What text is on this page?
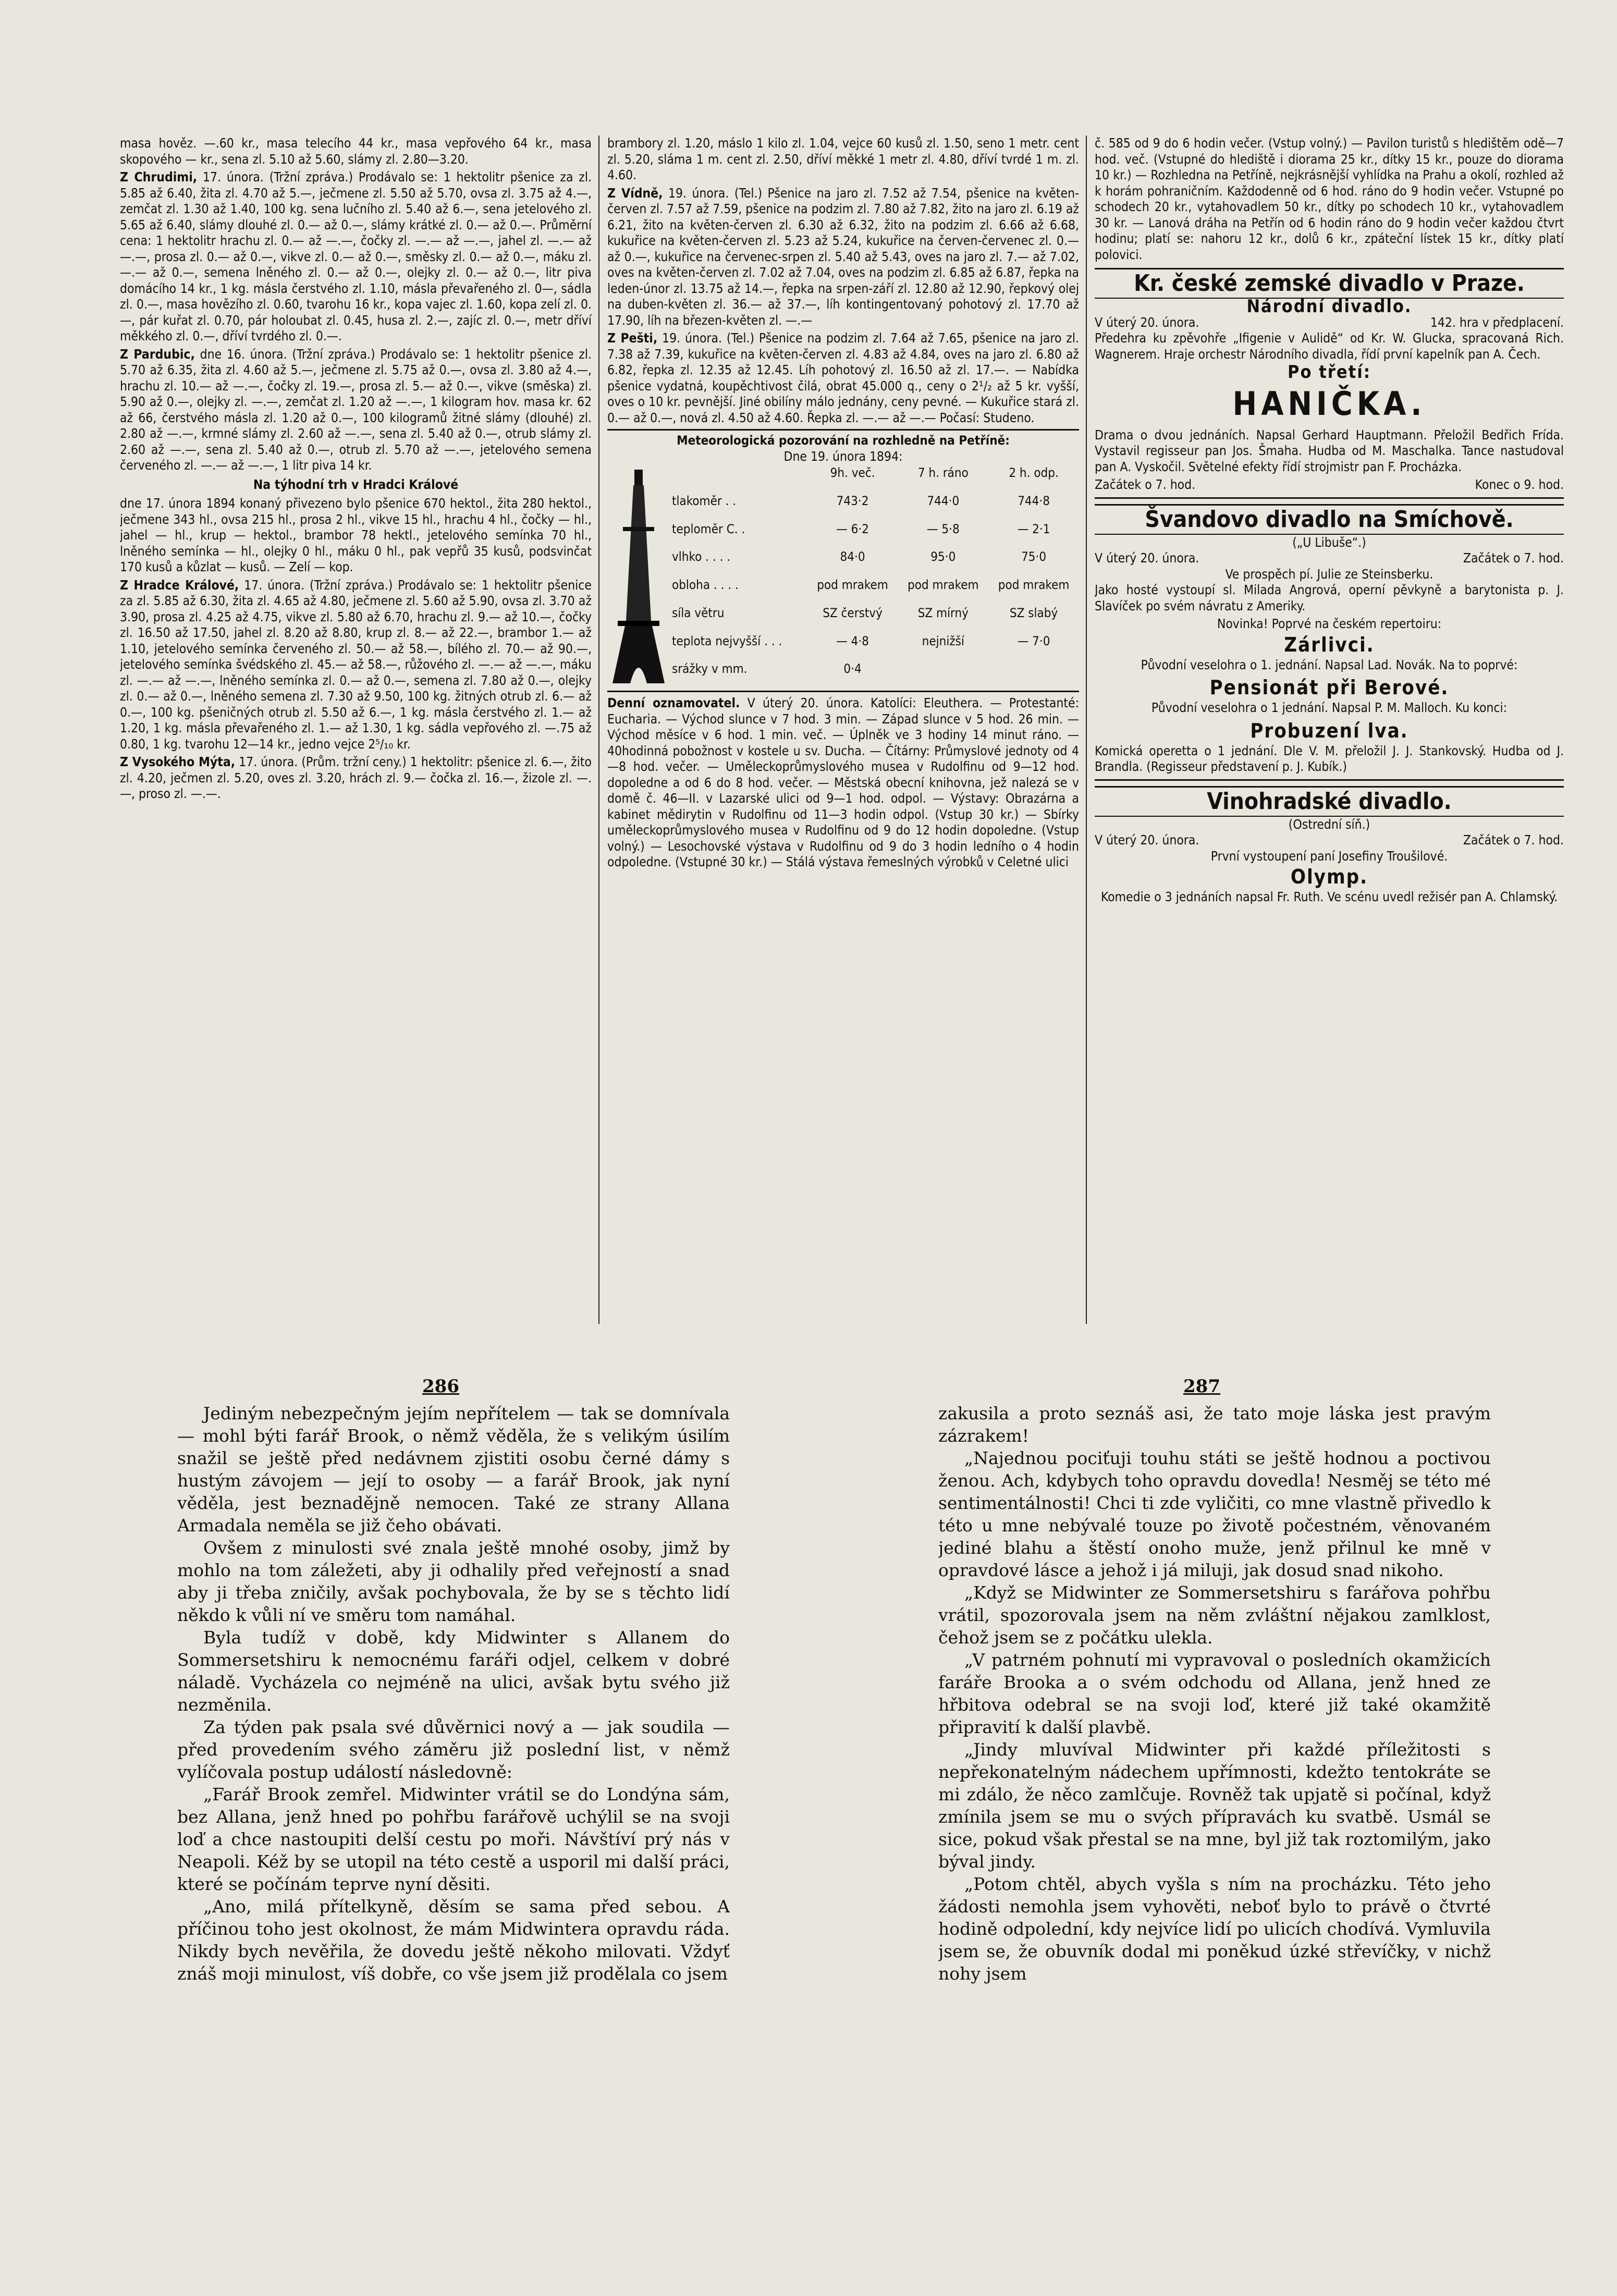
masa hověz. —.60 kr., masa telecího 44 kr., masa vepřového 64 kr., masa skopového — kr., sena zl. 5.10 až 5.60, slámy zl. 2.80—3.20.

Z Chrudimi, 17. února. (Tržní zpráva.) Prodávalo se: 1 hektolitr pšenice za zl. 5.85 až 6.40, žita zl. 4.70 až 5.—, ječmene zl. 5.50 až 5.70, ovsa zl. 3.75 až 4.—, zemčat zl. 1.30 až 1.40, 100 kg. sena lučního zl. 5.40 až 6.—, sena jetelového zl. 5.65 až 6.40, slámy dlouhé zl. 0.— až 0.—, slámy krátké zl. 0.— až 0.—. Průměrní cena: 1 hektolitr hrachu zl. 0.— až —.—, čočky zl. —.— až —.—, jahel zl. —.— až —.—, prosa zl. 0.— až 0.—, vikve zl. 0.— až 0.—, směsky zl. 0.— až 0.—, máku zl. —.— až 0.—, semena lněného zl. 0.— až 0.—, olejky zl. 0.— až 0.—, litr piva domácího 14 kr., 1 kg. másla čerstvého zl. 1.10, másla převařeného zl. 0—, sádla zl. 0.—, masa hovězího zl. 0.60, tvarohu 16 kr., kopa vajec zl. 1.60, kopa zelí zl. 0.—, pár kuřat zl. 0.70, pár holoubat zl. 0.45, husa zl. 2.—, zajíc zl. 0.—, metr dříví měkkého zl. 0.—, dříví tvrdého zl. 0.—.

Z Pardubic, dne 16. února. (Tržní zpráva.) Prodávalo se: 1 hektolitr pšenice zl. 5.70 až 6.35, žita zl. 4.60 až 5.—, ječmene zl. 5.75 až 0.—, ovsa zl. 3.80 až 4.—, hrachu zl. 10.— až —.—, čočky zl. 19.—, prosa zl. 5.— až 0.—, vikve (směska) zl. 5.90 až 0.—, olejky zl. —.—, zemčat zl. 1.20 až —.—, 1 kilogram hov. masa kr. 62 až 66, čerstvého másla zl. 1.20 až 0.—, 100 kilogramů žitné slámy (dlouhé) zl. 2.80 až —.—, krmné slámy zl. 2.60 až —.—, sena zl. 5.40 až 0.—, otrub slámy zl. 2.60 až —.—, sena zl. 5.40 až 0.—, otrub zl. 5.70 až —.—, jetelového semena červeného zl. —.— až —.—, 1 litr piva 14 kr.

Na týhodní trh v Hradci Králové

dne 17. února 1894 konaný přivezeno bylo pšenice 670 hektol., žita 280 hektol., ječmene 343 hl., ovsa 215 hl., prosa 2 hl., vikve 15 hl., hrachu 4 hl., čočky — hl., jahel — hl., krup — hektol., brambor 78 hektl., jetelového semínka 70 hl., lněného semínka — hl., olejky 0 hl., máku 0 hl., pak vepřů 35 kusů, podsvinčat 170 kusů a kůzlat — kusů. — Zelí — kop.

Z Hradce Králové, 17. února. (Tržní zpráva.) Prodávalo se: 1 hektolitr pšenice za zl. 5.85 až 6.30, žita zl. 4.65 až 4.80, ječmene zl. 5.60 až 5.90, ovsa zl. 3.70 až 3.90, prosa zl. 4.25 až 4.75, vikve zl. 5.80 až 6.70, hrachu zl. 9.— až 10.—, čočky zl. 16.50 až 17.50, jahel zl. 8.20 až 8.80, krup zl. 8.— až 22.—, brambor 1.— až 1.10, jetelového semínka červeného zl. 50.— až 58.—, bílého zl. 70.— až 90.—, jetelového semínka švédského zl. 45.— až 58.—, růžového zl. —.— až —.—, máku zl. —.— až —.—, lněného semínka zl. 0.— až 0.—, semena zl. 7.80 až 0.—, olejky zl. 0.— až 0.—, lněného semena zl. 7.30 až 9.50, 100 kg. žitných otrub zl. 6.— až 0.—, 100 kg. pšeničných otrub zl. 5.50 až 6.—, 1 kg. másla čerstvého zl. 1.— až 1.20, 1 kg. másla převařeného zl. 1.— až 1.30, 1 kg. sádla vepřového zl. —.75 až 0.80, 1 kg. tvarohu 12—14 kr., jedno vejce 2⁵/₁₀ kr.

Z Vysokého Mýta, 17. února. (Prům. tržní ceny.) 1 hektolitr: pšenice zl. 6.—, žito zl. 4.20, ječmen zl. 5.20, oves zl. 3.20, hrách zl. 9.— čočka zl. 16.—, žizole zl. —.—, proso zl. —.—.

brambory zl. 1.20, máslo 1 kilo zl. 1.04, vejce 60 kusů zl. 1.50, seno 1 metr. cent zl. 5.20, sláma 1 m. cent zl. 2.50, dříví měkké 1 metr zl. 4.80, dříví tvrdé 1 m. zl. 4.60.

Z Vídně, 19. února. (Tel.) Pšenice na jaro zl. 7.52 až 7.54, pšenice na květen-červen zl. 7.57 až 7.59, pšenice na podzim zl. 7.80 až 7.82, žito na jaro zl. 6.19 až 6.21, žito na květen-červen zl. 6.30 až 6.32, žito na podzim zl. 6.66 až 6.68, kukuřice na květen-červen zl. 5.23 až 5.24, kukuřice na červen-červenec zl. 0.— až 0.—, kukuřice na červenec-srpen zl. 5.40 až 5.43, oves na jaro zl. 7.— až 7.02, oves na květen-červen zl. 7.02 až 7.04, oves na podzim zl. 6.85 až 6.87, řepka na leden-únor zl. 13.75 až 14.—, řepka na srpen-září zl. 12.80 až 12.90, řepkový olej na duben-květen zl. 36.— až 37.—, líh kontingentovaný pohotový zl. 17.70 až 17.90, líh na březen-květen zl. —.—

Z Pešti, 19. února. (Tel.) Pšenice na podzim zl. 7.64 až 7.65, pšenice na jaro zl. 7.38 až 7.39, kukuřice na květen-červen zl. 4.83 až 4.84, oves na jaro zl. 6.80 až 6.82, řepka zl. 12.35 až 12.45. Líh pohotový zl. 16.50 až zl. 17.—. — Nabídka pšenice vydatná, koupěchtivost čilá, obrat 45.000 q., ceny o 2¹/₂ až 5 kr. vyšší, oves o 10 kr. pevnější. Jiné obilíny málo jednány, ceny pevné. — Kukuřice stará zl. 0.— až 0.—, nová zl. 4.50 až 4.60. Řepka zl. —.— až —.— Počasí: Studeno.

Meteorologická pozorování na rozhledně na Petříně:
Dne 19. února 1894:
	9h. več.	7 h. ráno	2 h. odp.
tlakoměr . .	743·2	744·0	744·8
teploměr C. .	— 6·2	— 5·8	— 2·1
vlhko . . . .	84·0	95·0	75·0
obloha . . . .	pod mrakem	pod mrakem	pod mrakem
síla větru	SZ čerstvý	SZ mírný	SZ slabý
teplota nejvyšší . . .	— 4·8	nejnižší	— 7·0
srážky v mm.	0·4		

Denní oznamovatel. V úterý 20. února. Katolíci: Eleuthera. — Protestanté: Eucharia. — Východ slunce v 7 hod. 3 min. — Západ slunce v 5 hod. 26 min. — Východ měsíce v 6 hod. 1 min. več. — Úplněk ve 3 hodiny 14 minut ráno. — 40hodinná pobožnost v kostele u sv. Ducha. — Čítárny: Průmyslové jednoty od 4—8 hod. večer. — Uměleckoprůmyslového musea v Rudolfinu od 9—12 hod. dopoledne a od 6 do 8 hod. večer. — Městská obecní knihovna, jež nalezá se v domě č. 46—II. v Lazarské ulici od 9—1 hod. odpol. — Výstavy: Obrazárna a kabinet mědirytin v Rudolfinu od 11—3 hodin odpol. (Vstup 30 kr.) — Sbírky uměleckoprůmyslového musea v Rudolfinu od 9 do 12 hodin dopoledne. (Vstup volný.) — Lesochovské výstava v Rudolfinu od 9 do 3 hodin ledního o 4 hodin odpoledne. (Vstupné 30 kr.) — Stálá výstava řemeslných výrobků v Celetné ulici

č. 585 od 9 do 6 hodin večer. (Vstup volný.) — Pavilon turistů s hledištěm odě—7 hod. več. (Vstupné do hlediště i diorama 25 kr., dítky 15 kr., pouze do diorama 10 kr.) — Rozhledna na Petříně, nejkrásnější vyhlídka na Prahu a okolí, rozhled až k horám pohraničním. Každodenně od 6 hod. ráno do 9 hodin večer. Vstupné po schodech 20 kr., vytahovadlem 50 kr., dítky po schodech 10 kr., vytahovadlem 30 kr. — Lanová dráha na Petřín od 6 hodin ráno do 9 hodin večer každou čtvrt hodinu; platí se: nahoru 12 kr., dolů 6 kr., zpáteční lístek 15 kr., dítky platí polovici.

Kr. české zemské divadlo v Praze.
Národní divadlo.
V úterý 20. února.	142. hra v předplacení.

Předehra ku zpěvohře „Ifigenie v Aulidě“ od Kr. W. Glucka, spracovaná Rich. Wagnerem. Hraje orchestr Národního divadla, řídí první kapelník pan A. Čech.

Po třetí:
HANIČKA.

Drama o dvou jednáních. Napsal Gerhard Hauptmann. Přeložil Bedřich Frída. Vystavil regisseur pan Jos. Šmaha. Hudba od M. Maschalka. Tance nastudoval pan A. Vyskočil. Světelné efekty řídí strojmistr pan F. Procházka.

Začátek o 7. hod.	Konec o 9. hod.
Švandovo divadlo na Smíchově.
(„U Libuše“.)
V úterý 20. února.	Začátek o 7. hod.
Ve prospěch pí. Julie ze Steinsberku.

Jako hosté vystoupí sl. Milada Angrová, operní pěvkyně a barytonista p. J. Slavíček po svém návratu z Ameriky.

Novinka! Poprvé na českém repertoiru:
Zárlivci.

Původní veselohra o 1. jednání. Napsal Lad. Novák. Na to poprvé:

Pensionát při Berové.

Původní veselohra o 1 jednání. Napsal P. M. Malloch. Ku konci:

Probuzení lva.

Komická operetta o 1 jednání. Dle V. M. přeložil J. J. Stankovský. Hudba od J. Brandla. (Regisseur představení p. J. Kubík.)

Vinohradské divadlo.
(Ostrední síň.)
V úterý 20. února.	Začátek o 7. hod.
První vystoupení paní Josefiny Troušilové.
Olymp.

Komedie o 3 jednáních napsal Fr. Ruth. Ve scénu uvedl režisér pan A. Chlamský.

286	287

Jediným nebezpečným jejím nepřítelem — tak se domnívala — mohl býti farář Brook, o němž věděla, že s velikým úsilím snažil se ještě před nedávnem zjistiti osobu černé dámy s hustým závojem — její to osoby — a farář Brook, jak nyní věděla, jest beznadějně nemocen. Také ze strany Allana Armadala neměla se již čeho obávati.

Ovšem z minulosti své znala ještě mnohé osoby, jimž by mohlo na tom záležeti, aby ji odhalily před veřejností a snad aby ji třeba zničily, avšak pochybovala, že by se s těchto lidí někdo k vůli ní ve směru tom namáhal.

Byla tudíž v době, kdy Midwinter s Allanem do Sommersetshiru k nemocnému faráři odjel, celkem v dobré náladě. Vycházela co nejméně na ulici, avšak bytu svého již nezměnila.

Za týden pak psala své důvěrnici nový a — jak soudila — před provedením svého záměru již poslední list, v němž vylíčovala postup událostí následovně:

„Farář Brook zemřel. Midwinter vrátil se do Londýna sám, bez Allana, jenž hned po pohřbu farářově uchýlil se na svoji loď a chce nastoupiti delší cestu po moři. Návštíví prý nás v Neapoli. Kéž by se utopil na této cestě a usporil mi další práci, které se počínám teprve nyní děsiti.

„Ano, milá přítelkyně, děsím se sama před sebou. A příčinou toho jest okolnost, že mám Midwintera opravdu ráda. Nikdy bych nevěřila, že dovedu ještě někoho milovati. Vždyť znáš moji minulost, víš dobře, co vše jsem již prodělala co jsem

zakusila a proto seznáš asi, že tato moje láska jest pravým zázrakem!

„Najednou pociťuji touhu státi se ještě hodnou a poctivou ženou. Ach, kdybych toho opravdu dovedla! Nesměj se této mé sentimentálnosti! Chci ti zde vyličiti, co mne vlastně přivedlo k této u mne nebývalé touze po životě počestném, věnovaném jediné blahu a štěstí onoho muže, jenž přilnul ke mně v opravdové lásce a jehož i já miluji, jak dosud snad nikoho.

„Když se Midwinter ze Sommersetshiru s farářova pohřbu vrátil, spozorovala jsem na něm zvláštní nějakou zamlklost, čehož jsem se z počátku ulekla.

„V patrném pohnutí mi vypravoval o posledních okamžicích faráře Brooka a o svém odchodu od Allana, jenž hned ze hřbitova odebral se na svoji loď, které již také okamžitě připravití k další plavbě.

„Jindy mluvíval Midwinter při každé příležitosti s nepřekonatelným nádechem upřímnosti, kdežto tentokráte se mi zdálo, že něco zamlčuje. Rovněž tak upjatě si počínal, když zmínila jsem se mu o svých přípravách ku svatbě. Usmál se sice, pokud však přestal se na mne, byl již tak roztomilým, jako býval jindy.

„Potom chtěl, abych vyšla s ním na procházku. Této jeho žádosti nemohla jsem vyhověti, neboť bylo to právě o čtvrté hodině odpolední, kdy nejvíce lidí po ulicích chodívá. Vymluvila jsem se, že obuvník dodal mi poněkud úzké střevíčky, v nichž nohy jsem
